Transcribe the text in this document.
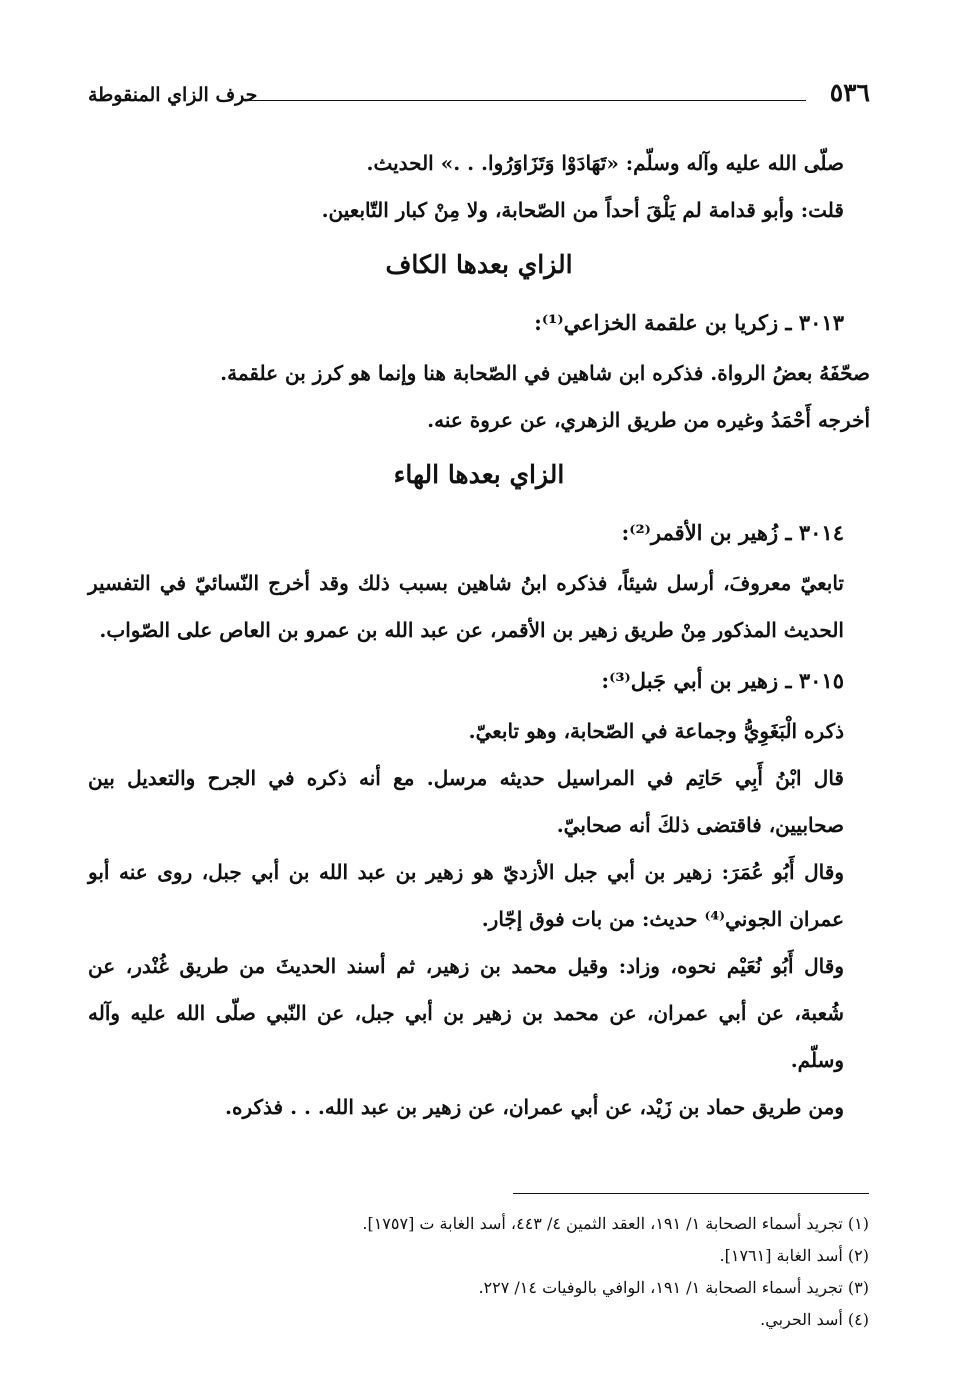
٥٣٦
حرف الزاي المنقوطة

صلّى الله عليه وآله وسلّم: «تَهَادَوْا وَتَزَاوَرُوا. . .» الحديث.

قلت: وأبو قدامة لم يَلْقَ أحداً من الصّحابة، ولا مِنْ كبار التّابعين.

الزاي بعدها الكاف

٣٠١٣ ـ زكريا بن علقمة الخزاعي⁽¹⁾:

صحّفَهُ بعضُ الرواة. فذكره ابن شاهين في الصّحابة هنا وإنما هو كرز بن علقمة.

أخرجه أَحْمَدُ وغيره من طريق الزهري، عن عروة عنه.

الزاي بعدها الهاء

٣٠١٤ ـ زُهير بن الأقمر⁽²⁾:

تابعيّ معروفَ، أرسل شيئاً، فذكره ابنُ شاهين بسبب ذلك وقد أخرج النّسائيّ في التفسير الحديث المذكور مِنْ طريق زهير بن الأقمر، عن عبد الله بن عمرو بن العاص على الصّواب.

٣٠١٥ ـ زهير بن أبي جَبل⁽³⁾:

ذكره الْبَغَوِيُّ وجماعة في الصّحابة، وهو تابعيّ.

قال ابْنُ أَبِي حَاتِم في المراسيل حديثه مرسل. مع أنه ذكره في الجرح والتعديل بين صحابيين، فاقتضى ذلكَ أنه صحابيّ.

وقال أَبُو عُمَرَ: زهير بن أبي جبل الأزديّ هو زهير بن عبد الله بن أبي جبل، روى عنه أبو عمران الجوني⁽⁴⁾ حديث: من بات فوق إجّار.

وقال أَبُو نُعَيْم نحوه، وزاد: وقيل محمد بن زهير، ثم أسند الحديثَ من طريق غُنْدر، عن شُعبة، عن أبي عمران، عن محمد بن زهير بن أبي جبل، عن النّبي صلّى الله عليه وآله وسلّم.

ومن طريق حماد بن زَيْد، عن أبي عمران، عن زهير بن عبد الله. . . فذكره.

(١) تجريد أسماء الصحابة ١/ ١٩١، العقد الثمين ٤/ ٤٤٣، أسد الغابة ت [١٧٥٧].
(٢) أسد الغابة [١٧٦١].
(٣) تجريد أسماء الصحابة ١/ ١٩١، الوافي بالوفيات ١٤/ ٢٢٧.
(٤) أسد الحربي.
